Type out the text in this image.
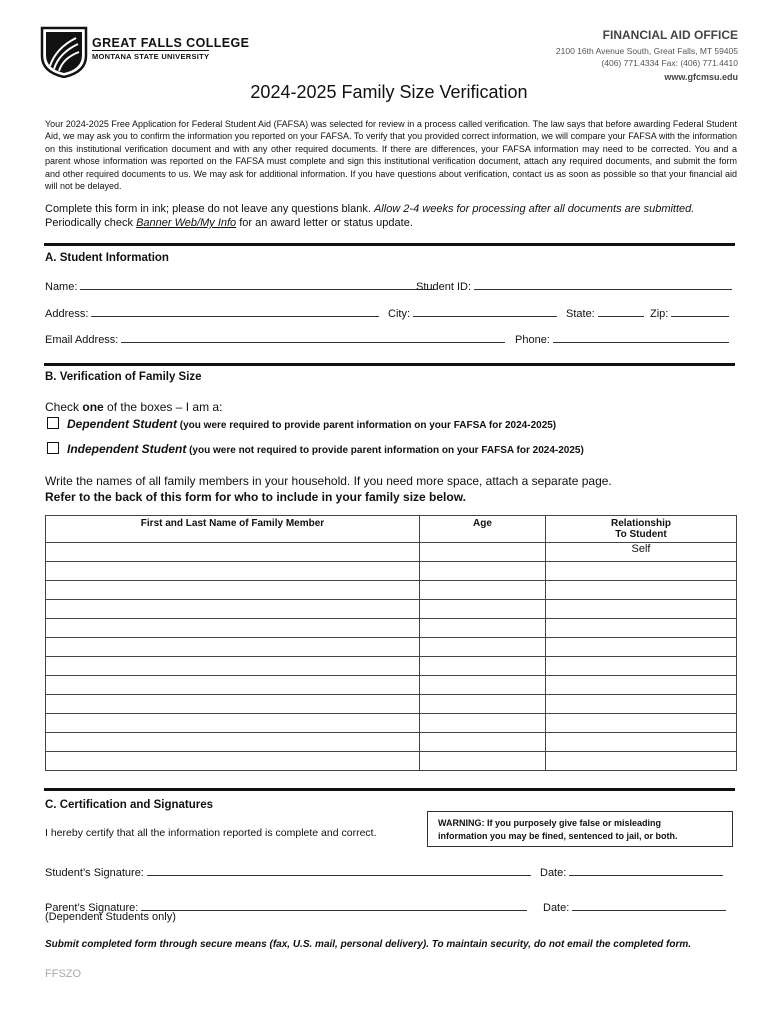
GREAT FALLS COLLEGE
MONTANA STATE UNIVERSITY
FINANCIAL AID OFFICE
2100 16th Avenue South, Great Falls, MT 59405
(406) 771.4334 Fax: (406) 771.4410
www.gfcmsu.edu
2024-2025 Family Size Verification
Your 2024-2025 Free Application for Federal Student Aid (FAFSA) was selected for review in a process called verification. The law says that before awarding Federal Student Aid, we may ask you to confirm the information you reported on your FAFSA. To verify that you provided correct information, we will compare your FAFSA with the information on this institutional verification document and with any other required documents. If there are differences, your FAFSA information may need to be corrected. You and a parent whose information was reported on the FAFSA must complete and sign this institutional verification document, attach any required documents, and submit the form and other required documents to us. We may ask for additional information. If you have questions about verification, contact us as soon as possible so that your financial aid will not be delayed.
Complete this form in ink; please do not leave any questions blank. Allow 2-4 weeks for processing after all documents are submitted.
Periodically check Banner Web/My Info for an award letter or status update.
A. Student Information
Name:	Student ID:
Address:	City:	State:	Zip:
Email Address:	Phone:
B. Verification of Family Size
Check one of the boxes – I am a:
Dependent Student (you were required to provide parent information on your FAFSA for 2024-2025)
Independent Student (you were not required to provide parent information on your FAFSA for 2024-2025)
Write the names of all family members in your household. If you need more space, attach a separate page.
Refer to the back of this form for who to include in your family size below.
First and Last Name of Family Member	Age	Relationship
To Student
		Self

C. Certification and Signatures
I hereby certify that all the information reported is complete and correct.
WARNING: If you purposely give false or misleading
information you may be fined, sentenced to jail, or both.
Student’s Signature:	Date:
Parent’s Signature:
(Dependent Students only)
Date:
Submit completed form through secure means (fax, U.S. mail, personal delivery). To maintain security, do not email the completed form.
FFSZO
